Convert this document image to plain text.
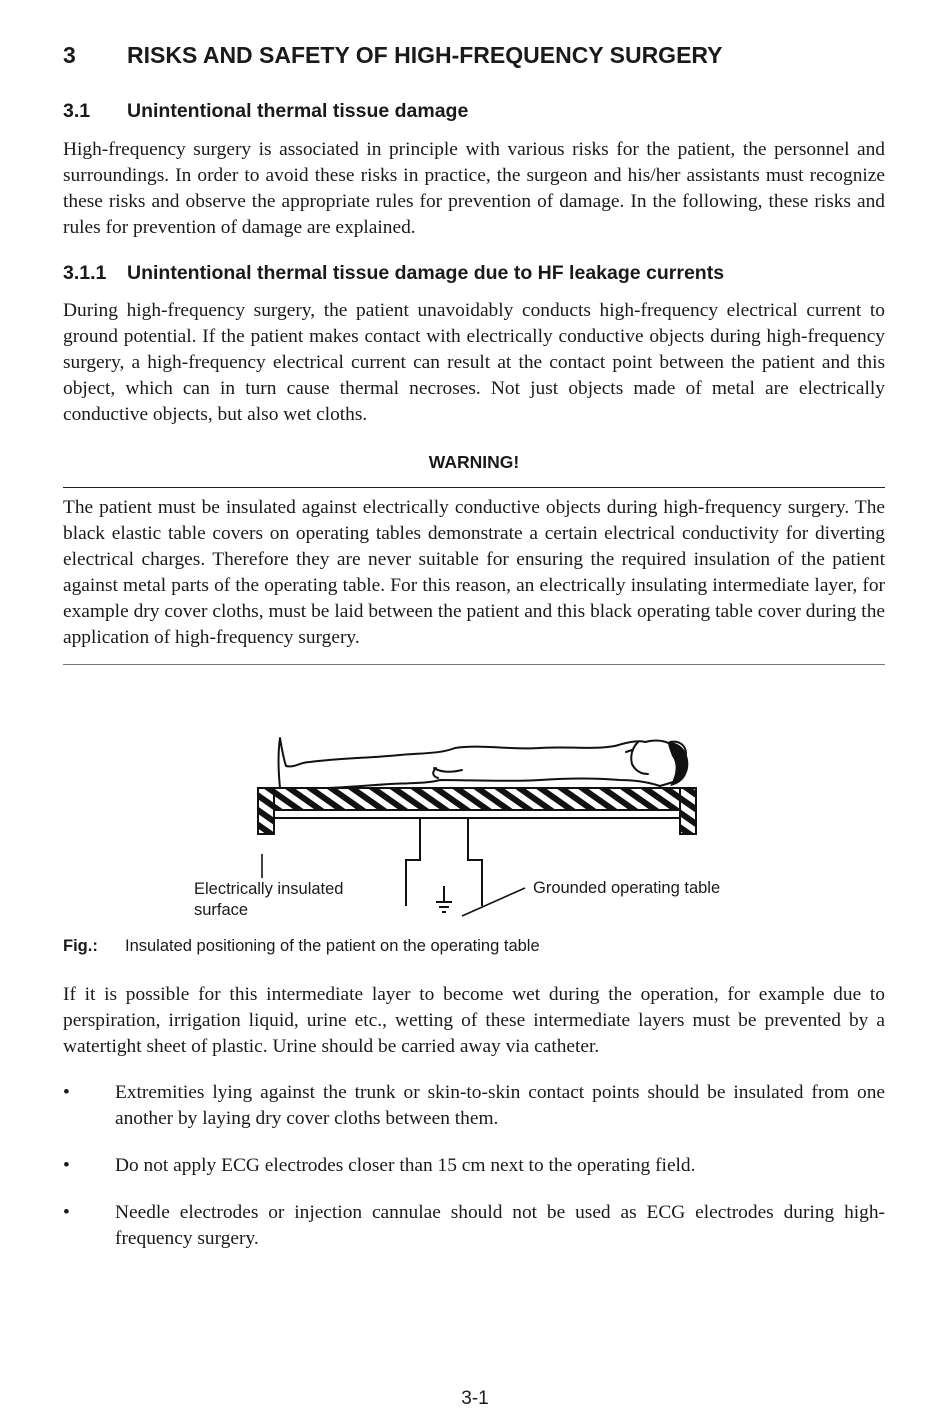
3 RISKS AND SAFETY OF HIGH-FREQUENCY SURGERY
3.1 Unintentional thermal tissue damage

High-frequency surgery is associated in principle with various risks for the patient, the personnel and surroundings. In order to avoid these risks in practice, the surgeon and his/her assistants must recognize these risks and observe the appropriate rules for prevention of damage. In the following, these risks and rules for prevention of damage are explained.

3.1.1 Unintentional thermal tissue damage due to HF leakage currents

During high-frequency surgery, the patient unavoidably conducts high-frequency electrical current to ground potential. If the patient makes contact with electrically conductive objects during high-frequency surgery, a high-frequency electrical current can result at the contact point between the patient and this object, which can in turn cause thermal necroses. Not just objects made of metal are electrically conductive objects, but also wet cloths.

WARNING!

The patient must be insulated against electrically conductive objects during high-frequency surgery. The black elastic table covers on operating tables demonstrate a certain electrical conductivity for diverting electrical charges. Therefore they are never suitable for ensuring the required insulation of the patient against metal parts of the operating table. For this reason, an electrically insulating intermediate layer, for example dry cover cloths, must be laid between the patient and this black operating table cover during the application of high-frequency surgery.

Electrically insulated
surface
Grounded operating table
Fig.: Insulated positioning of the patient on the operating table

If it is possible for this intermediate layer to become wet during the operation, for example due to perspiration, irrigation liquid, urine etc., wetting of these intermediate layers must be prevented by a watertight sheet of plastic. Urine should be carried away via catheter.

•	Extremities lying against the trunk or skin-to-skin contact points should be insulated from one another by laying dry cover cloths between them.
•	Do not apply ECG electrodes closer than 15 cm next to the operating field.
•	Needle electrodes or injection cannulae should not be used as ECG electrodes during high-frequency surgery.
3-1
